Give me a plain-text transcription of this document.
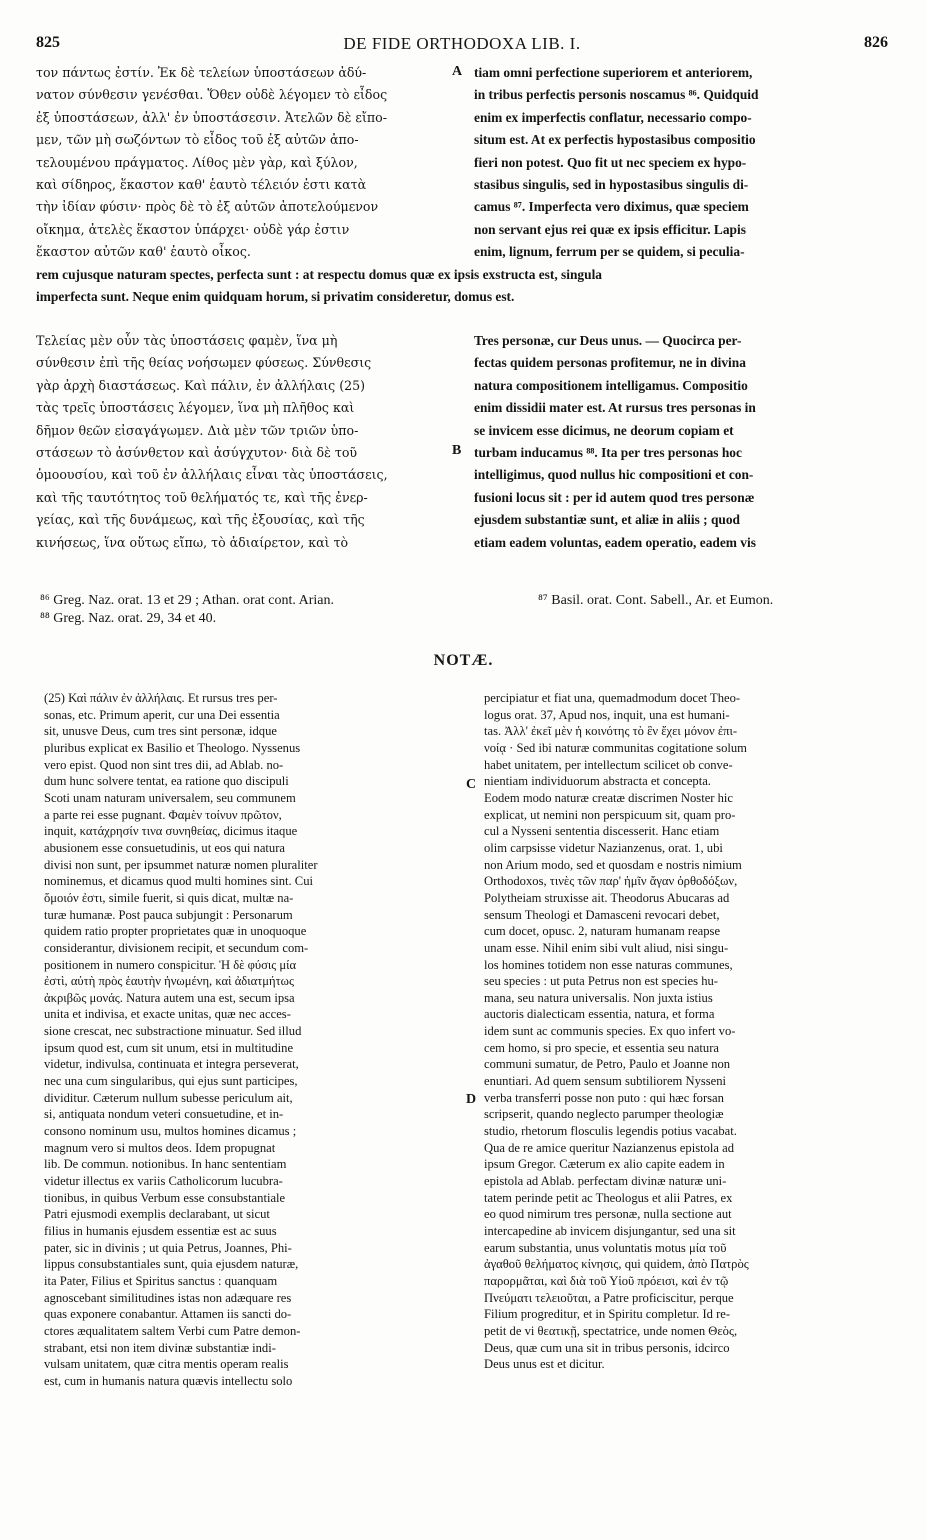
825	DE FIDE ORTHODOXA LIB. I.	826
τον πάντως ἐστίν. Ἐκ δὲ τελείων ὑποστάσεων ἀδύ-
νατον σύνθεσιν γενέσθαι. Ὅθεν οὐδὲ λέγομεν τὸ εἶδος
ἐξ ὑποστάσεων, ἀλλ' ἐν ὑποστάσεσιν. Ἀτελῶν δὲ εἴπο-
μεν, τῶν μὴ σωζόντων τὸ εἶδος τοῦ ἐξ αὐτῶν ἀπο-
τελουμένου πράγματος. Λίθος μὲν γὰρ, καὶ ξύλον,
καὶ σίδηρος, ἕκαστον καθ' ἑαυτὸ τέλειόν ἐστι κατὰ
τὴν ἰδίαν φύσιν· πρὸς δὲ τὸ ἐξ αὐτῶν ἀποτελούμενον
οἴκημα, ἀτελὲς ἕκαστον ὑπάρχει· οὐδὲ γάρ ἐστιν
ἕκαστον αὐτῶν καθ' ἑαυτὸ οἶκος.
A tiam omni perfectione superiorem et anteriorem,
in tribus perfectis personis noscamus ⁸⁶. Quidquid
enim ex imperfectis conflatur, necessario compo-
situm est. At ex perfectis hypostasibus compositio
fieri non potest. Quo fit ut nec speciem ex hypo-
stasibus singulis, sed in hypostasibus singulis di-
camus ⁸⁷. Imperfecta vero diximus, quæ speciem
non servant ejus rei quæ ex ipsis efficitur. Lapis
enim, lignum, ferrum per se quidem, si peculia-
rem cujusque naturam spectes, perfecta sunt : at respectu domus quæ ex ipsis exstructa est, singula
imperfecta sunt. Neque enim quidquam horum, si privatim consideretur, domus est.
Τελείας μὲν οὖν τὰς ὑποστάσεις φαμὲν, ἵνα μὴ
σύνθεσιν ἐπὶ τῆς θείας νοήσωμεν φύσεως. Σύνθεσις
γὰρ ἀρχὴ διαστάσεως. Καὶ πάλιν, ἐν ἀλλήλαις (25)
τὰς τρεῖς ὑποστάσεις λέγομεν, ἵνα μὴ πλῆθος καὶ
δῆμον θεῶν εἰσαγάγωμεν. Διὰ μὲν τῶν τριῶν ὑπο-
στάσεων τὸ ἀσύνθετον καὶ ἀσύγχυτον· διὰ δὲ τοῦ
ὁμοουσίου, καὶ τοῦ ἐν ἀλλήλαις εἶναι τὰς ὑποστάσεις,
καὶ τῆς ταυτότητος τοῦ θελήματός τε, καὶ τῆς ἐνερ-
γείας, καὶ τῆς δυνάμεως, καὶ τῆς ἐξουσίας, καὶ τῆς
κινήσεως, ἵνα οὕτως εἴπω, τὸ ἀδιαίρετον, καὶ τὸ
B
Tres personæ, cur Deus unus. — Quocirca per-
fectas quidem personas profitemur, ne in divina
natura compositionem intelligamus. Compositio
enim dissidii mater est. At rursus tres personas in
se invicem esse dicimus, ne deorum copiam et
turbam inducamus ⁸⁸. Ita per tres personas hoc
intelligimus, quod nullus hic compositioni et con-
fusioni locus sit : per id autem quod tres personæ
ejusdem substantiæ sunt, et aliæ in aliis ; quod
etiam eadem voluntas, eadem operatio, eadem vis
⁸⁶ Greg. Naz. orat. 13 et 29 ; Athan. orat cont. Arian.	⁸⁷ Basil. orat. Cont. Sabell., Ar. et Eumon.
⁸⁸ Greg. Naz. orat. 29, 34 et 40.
NOTÆ.
(25) Καὶ πάλιν ἐν ἀλλήλαις. Et rursus tres per-
sonas, etc. Primum aperit, cur una Dei essentia
sit, unusve Deus, cum tres sint personæ, idque
pluribus explicat ex Basilio et Theologo. Nyssenus
vero epist. Quod non sint tres dii, ad Ablab. no-
dum hunc solvere tentat, ea ratione quo discipuli
Scoti unam naturam universalem, seu communem
a parte rei esse pugnant. Φαμὲν τοίνυν πρῶτον,
inquit, κατάχρησίν τινα συνηθείας, dicimus itaque
abusionem esse consuetudinis, ut eos qui natura
divisi non sunt, per ipsummet naturæ nomen pluraliter
nominemus, et dicamus quod multi homines sint. Cui
ὅμοιόν ἐστι, simile fuerit, si quis dicat, multæ na-
turæ humanæ. Post pauca subjungit : Personarum
quidem ratio propter proprietates quæ in unoquoque
considerantur, divisionem recipit, et secundum com-
positionem in numero conspicitur. Ἡ δὲ φύσις μία
ἐστὶ, αὐτὴ πρὸς ἑαυτὴν ἡνωμένη, καὶ ἀδιατμήτως
ἀκριβῶς μονάς. Natura autem una est, secum ipsa
unita et indivisa, et exacte unitas, quæ nec acces-
sione crescat, nec substractione minuatur. Sed illud
ipsum quod est, cum sit unum, etsi in multitudine
videtur, indivulsa, continuata et integra perseverat,
nec una cum singularibus, qui ejus sunt participes,
dividitur. Cæterum nullum subesse periculum ait,
si, antiquata nondum veteri consuetudine, et in-
consono nominum usu, multos homines dicamus ;
magnum vero si multos deos. Idem propugnat
lib. De commun. notionibus. In hanc sententiam
videtur illectus ex variis Catholicorum lucubra-
tionibus, in quibus Verbum esse consubstantiale
Patri ejusmodi exemplis declarabant, ut sicut
filius in humanis ejusdem essentiæ est ac suus
pater, sic in divinis ; ut quia Petrus, Joannes, Phi-
lippus consubstantiales sunt, quia ejusdem naturæ,
ita Pater, Filius et Spiritus sanctus : quanquam
agnoscebant similitudines istas non adæquare res
quas exponere conabantur. Attamen iis sancti do-
ctores æqualitatem saltem Verbi cum Patre demon-
strabant, etsi non item divinæ substantiæ indi-
vulsam unitatem, quæ citra mentis operam realis
est, cum in humanis natura quævis intellectu solo
C
D
percipiatur et fiat una, quemadmodum docet Theo-
logus orat. 37, Apud nos, inquit, una est humani-
tas. Ἀλλ' ἐκεῖ μὲν ἡ κοινότης τὸ ἓν ἔχει μόνον ἐπι-
νοίᾳ · Sed ibi naturæ communitas cogitatione solum
habet unitatem, per intellectum scilicet ob conve-
nientiam individuorum abstracta et concepta.
Eodem modo naturæ creatæ discrimen Noster hic
explicat, ut nemini non perspicuum sit, quam pro-
cul a Nysseni sententia discesserit. Hanc etiam
olim carpsisse videtur Nazianzenus, orat. 1, ubi
non Arium modo, sed et quosdam e nostris nimium
Orthodoxos, τινὲς τῶν παρ' ἡμῖν ἄγαν ὀρθοδόξων,
Polytheiam struxisse ait. Theodorus Abucaras ad
sensum Theologi et Damasceni revocari debet,
cum docet, opusc. 2, naturam humanam reapse
unam esse. Nihil enim sibi vult aliud, nisi singu-
los homines totidem non esse naturas communes,
seu species : ut puta Petrus non est species hu-
mana, seu natura universalis. Non juxta istius
auctoris dialecticam essentia, natura, et forma
idem sunt ac communis species. Ex quo infert vo-
cem homo, si pro specie, et essentia seu natura
communi sumatur, de Petro, Paulo et Joanne non
enuntiari. Ad quem sensum subtiliorem Nysseni
verba transferri posse non puto : qui hæc forsan
scripserit, quando neglecto parumper theologiæ
studio, rhetorum flosculis legendis potius vacabat.
Qua de re amice queritur Nazianzenus epistola ad
ipsum Gregor. Cæterum ex alio capite eadem in
epistola ad Ablab. perfectam divinæ naturæ uni-
tatem perinde petit ac Theologus et alii Patres, ex
eo quod nimirum tres personæ, nulla sectione aut
intercapedine ab invicem disjungantur, sed una sit
earum substantia, unus voluntatis motus μία τοῦ
ἀγαθοῦ θελήματος κίνησις, qui quidem, ἀπὸ Πατρὸς
παρορμᾶται, καὶ διὰ τοῦ Υἱοῦ πρόεισι, καὶ ἐν τῷ
Πνεύματι τελειοῦται, a Patre proficiscitur, perque
Filium progreditur, et in Spiritu completur. Id re-
petit de vi θεατικῇ, spectatrice, unde nomen Θεὸς,
Deus, quæ cum una sit in tribus personis, idcirco
Deus unus est et dicitur.
